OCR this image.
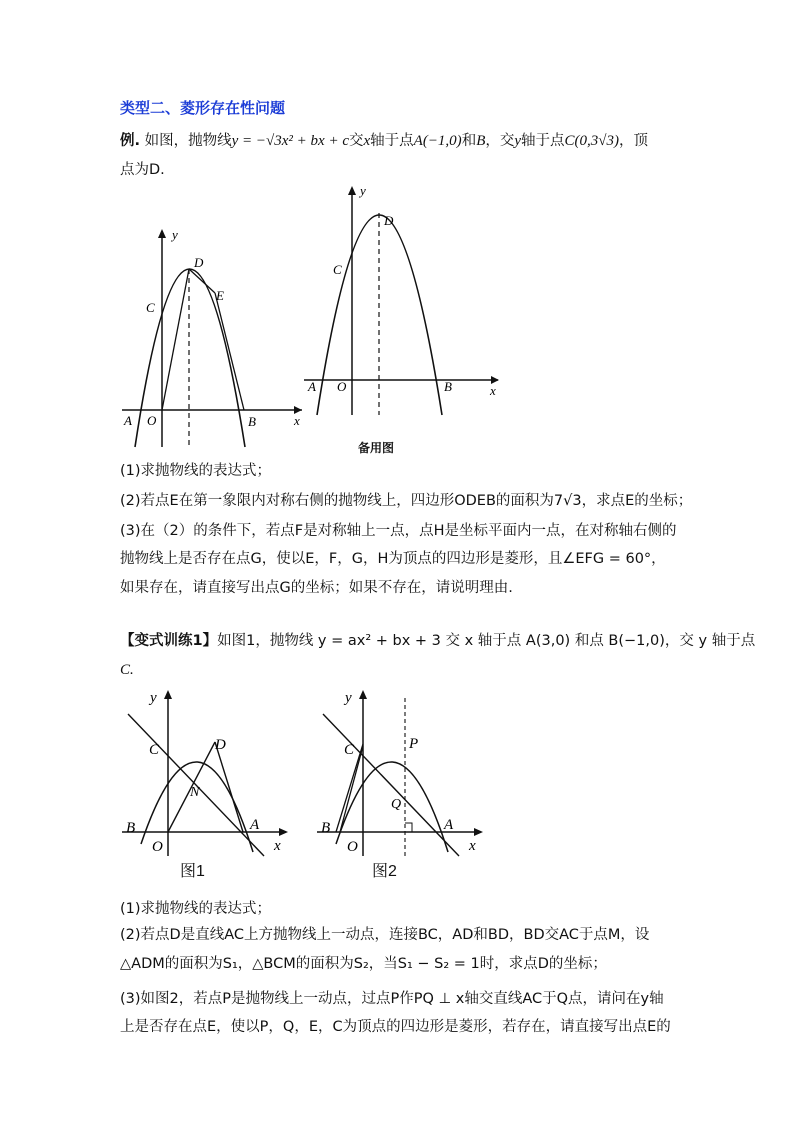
类型二、菱形存在性问题
例. 如图，抛物线y = −√3x² + bx + c交x轴于点A(−1,0)和B，交y轴于点C(0,3√3)，顶
点为D.
y
x
D
C
E
A O	B
y
x
D
C
A O	B
备用图
(1)求抛物线的表达式；
(2)若点E在第一象限内对称右侧的抛物线上，四边形ODEB的面积为7√3，求点E的坐标；
(3)在（2）的条件下，若点F是对称轴上一点，点H是坐标平面内一点，在对称轴右侧的
抛物线上是否存在点G，使以E，F，G，H为顶点的四边形是菱形，且∠EFG = 60°，
如果存在，请直接写出点G的坐标；如果不存在，请说明理由.
【变式训练1】如图1，抛物线 y = ax² + bx + 3 交 x 轴于点 A(3,0) 和点 B(−1,0)，交 y 轴于点
C.
y
x
C	D
N
B	A
O
图1
y
x
C	P
Q
B	A
O
图2
(1)求抛物线的表达式；
(2)若点D是直线AC上方抛物线上一动点，连接BC，AD和BD，BD交AC于点M，设
△ADM的面积为S₁，△BCM的面积为S₂，当S₁ − S₂ = 1时，求点D的坐标；
(3)如图2，若点P是抛物线上一动点，过点P作PQ ⊥ x轴交直线AC于Q点，请问在y轴
上是否存在点E，使以P，Q，E，C为顶点的四边形是菱形，若存在，请直接写出点E的
